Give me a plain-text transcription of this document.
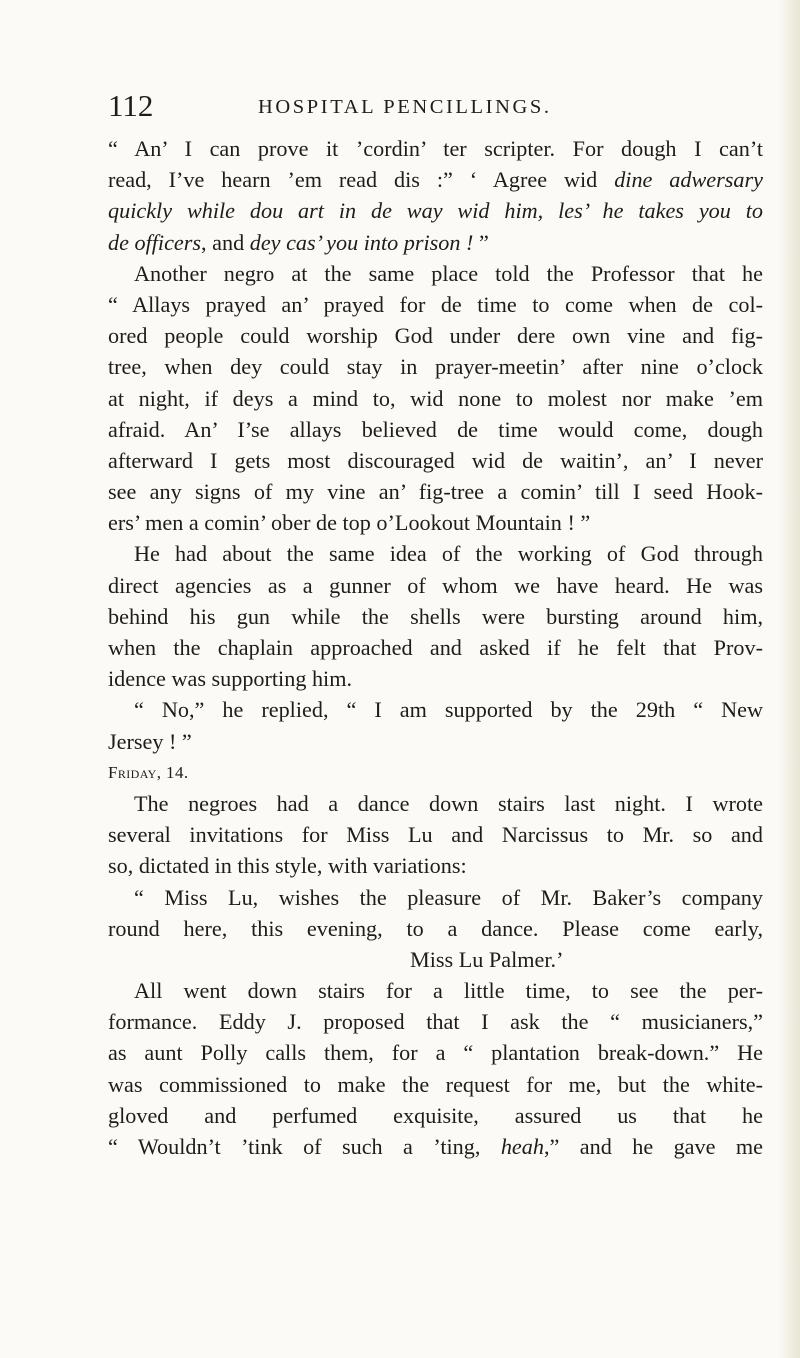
112	HOSPITAL PENCILLINGS.
“ An’ I can prove it ’cordin’ ter scripter. For dough I can’t
read, I’ve hearn ’em read dis :” ‘ Agree wid dine adwersary
quickly while dou art in de way wid him, les’ he takes you to
de officers, and dey cas’ you into prison ! ”
Another negro at the same place told the Professor that he
“ Allays prayed an’ prayed for de time to come when de col-
ored people could worship God under dere own vine and fig-
tree, when dey could stay in prayer-meetin’ after nine o’clock
at night, if deys a mind to, wid none to molest nor make ’em
afraid. An’ I’se allays believed de time would come, dough
afterward I gets most discouraged wid de waitin’, an’ I never
see any signs of my vine an’ fig-tree a comin’ till I seed Hook-
ers’ men a comin’ ober de top o’Lookout Mountain ! ”
He had about the same idea of the working of God through
direct agencies as a gunner of whom we have heard. He was
behind his gun while the shells were bursting around him,
when the chaplain approached and asked if he felt that Prov-
idence was supporting him.
“ No,” he replied, “ I am supported by the 29th “ New
Jersey ! ”
Friday, 14.
The negroes had a dance down stairs last night. I wrote
several invitations for Miss Lu and Narcissus to Mr. so and
so, dictated in this style, with variations:
“ Miss Lu, wishes the pleasure of Mr. Baker’s company
round here, this evening, to a dance. Please come early,
Miss Lu Palmer.’
All went down stairs for a little time, to see the per-
formance. Eddy J. proposed that I ask the “ musicianers,”
as aunt Polly calls them, for a “ plantation break-down.” He
was commissioned to make the request for me, but the white-
gloved and perfumed exquisite, assured us that he
“ Wouldn’t ’tink of such a ’ting, heah,” and he gave me
